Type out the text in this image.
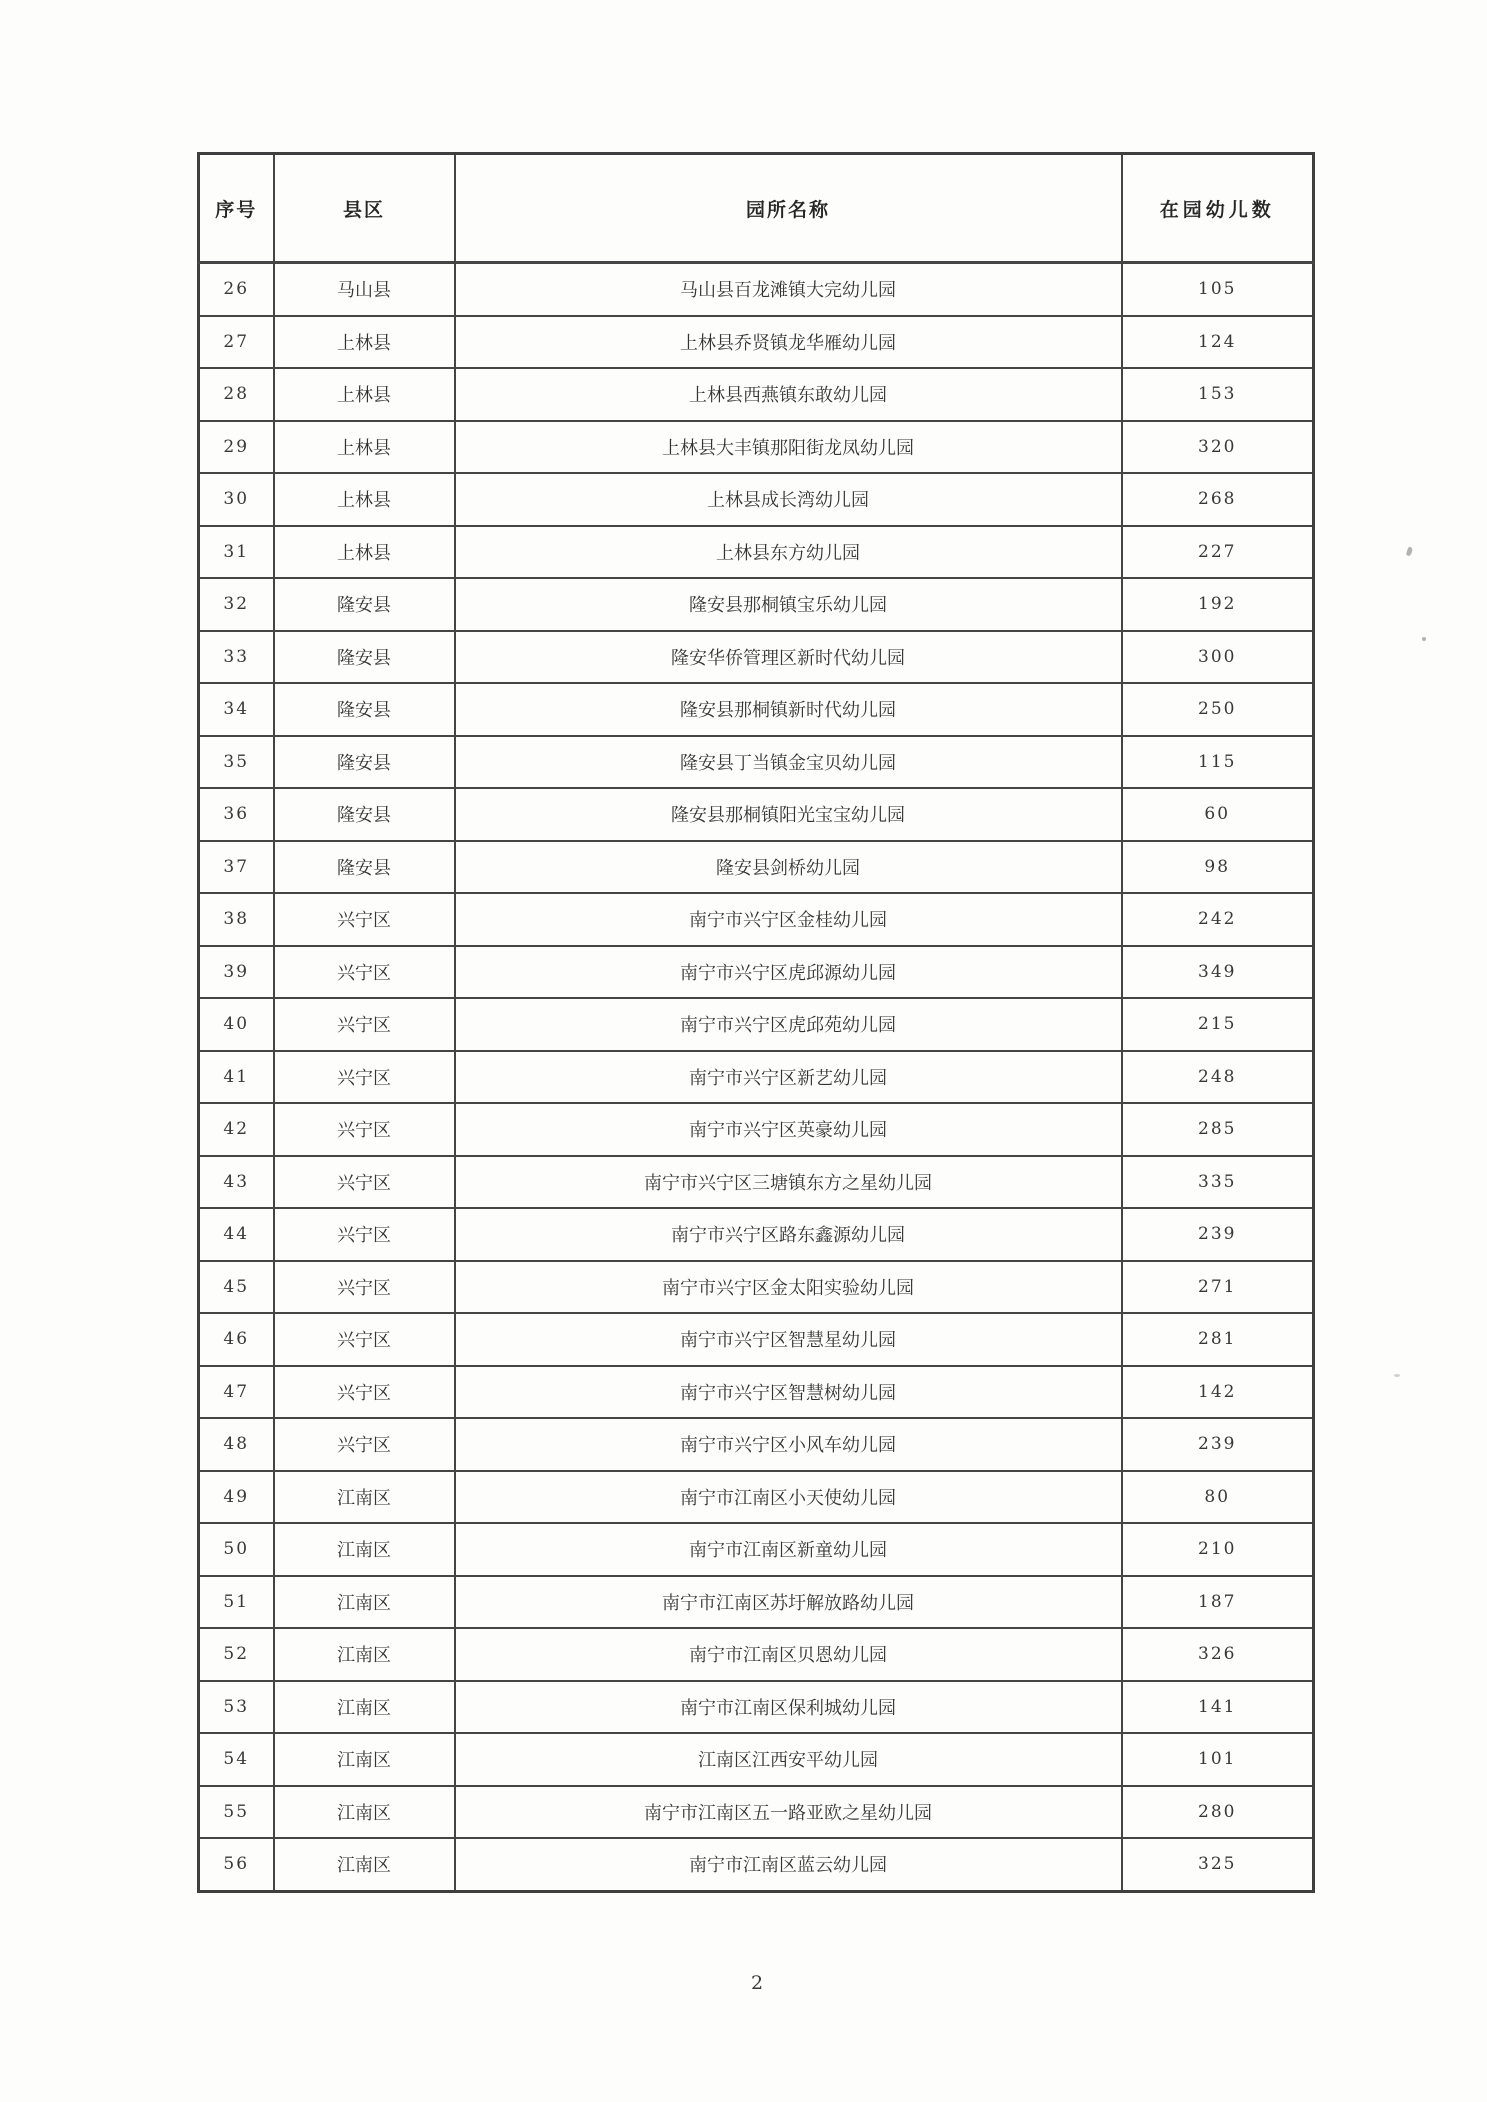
序号	县区	园所名称	在园幼儿数
26	马山县	马山县百龙滩镇大完幼儿园	105
27	上林县	上林县乔贤镇龙华雁幼儿园	124
28	上林县	上林县西燕镇东敢幼儿园	153
29	上林县	上林县大丰镇那阳街龙凤幼儿园	320
30	上林县	上林县成长湾幼儿园	268
31	上林县	上林县东方幼儿园	227
32	隆安县	隆安县那桐镇宝乐幼儿园	192
33	隆安县	隆安华侨管理区新时代幼儿园	300
34	隆安县	隆安县那桐镇新时代幼儿园	250
35	隆安县	隆安县丁当镇金宝贝幼儿园	115
36	隆安县	隆安县那桐镇阳光宝宝幼儿园	60
37	隆安县	隆安县剑桥幼儿园	98
38	兴宁区	南宁市兴宁区金桂幼儿园	242
39	兴宁区	南宁市兴宁区虎邱源幼儿园	349
40	兴宁区	南宁市兴宁区虎邱苑幼儿园	215
41	兴宁区	南宁市兴宁区新艺幼儿园	248
42	兴宁区	南宁市兴宁区英豪幼儿园	285
43	兴宁区	南宁市兴宁区三塘镇东方之星幼儿园	335
44	兴宁区	南宁市兴宁区路东鑫源幼儿园	239
45	兴宁区	南宁市兴宁区金太阳实验幼儿园	271
46	兴宁区	南宁市兴宁区智慧星幼儿园	281
47	兴宁区	南宁市兴宁区智慧树幼儿园	142
48	兴宁区	南宁市兴宁区小风车幼儿园	239
49	江南区	南宁市江南区小天使幼儿园	80
50	江南区	南宁市江南区新童幼儿园	210
51	江南区	南宁市江南区苏圩解放路幼儿园	187
52	江南区	南宁市江南区贝恩幼儿园	326
53	江南区	南宁市江南区保利城幼儿园	141
54	江南区	江南区江西安平幼儿园	101
55	江南区	南宁市江南区五一路亚欧之星幼儿园	280
56	江南区	南宁市江南区蓝云幼儿园	325
2
